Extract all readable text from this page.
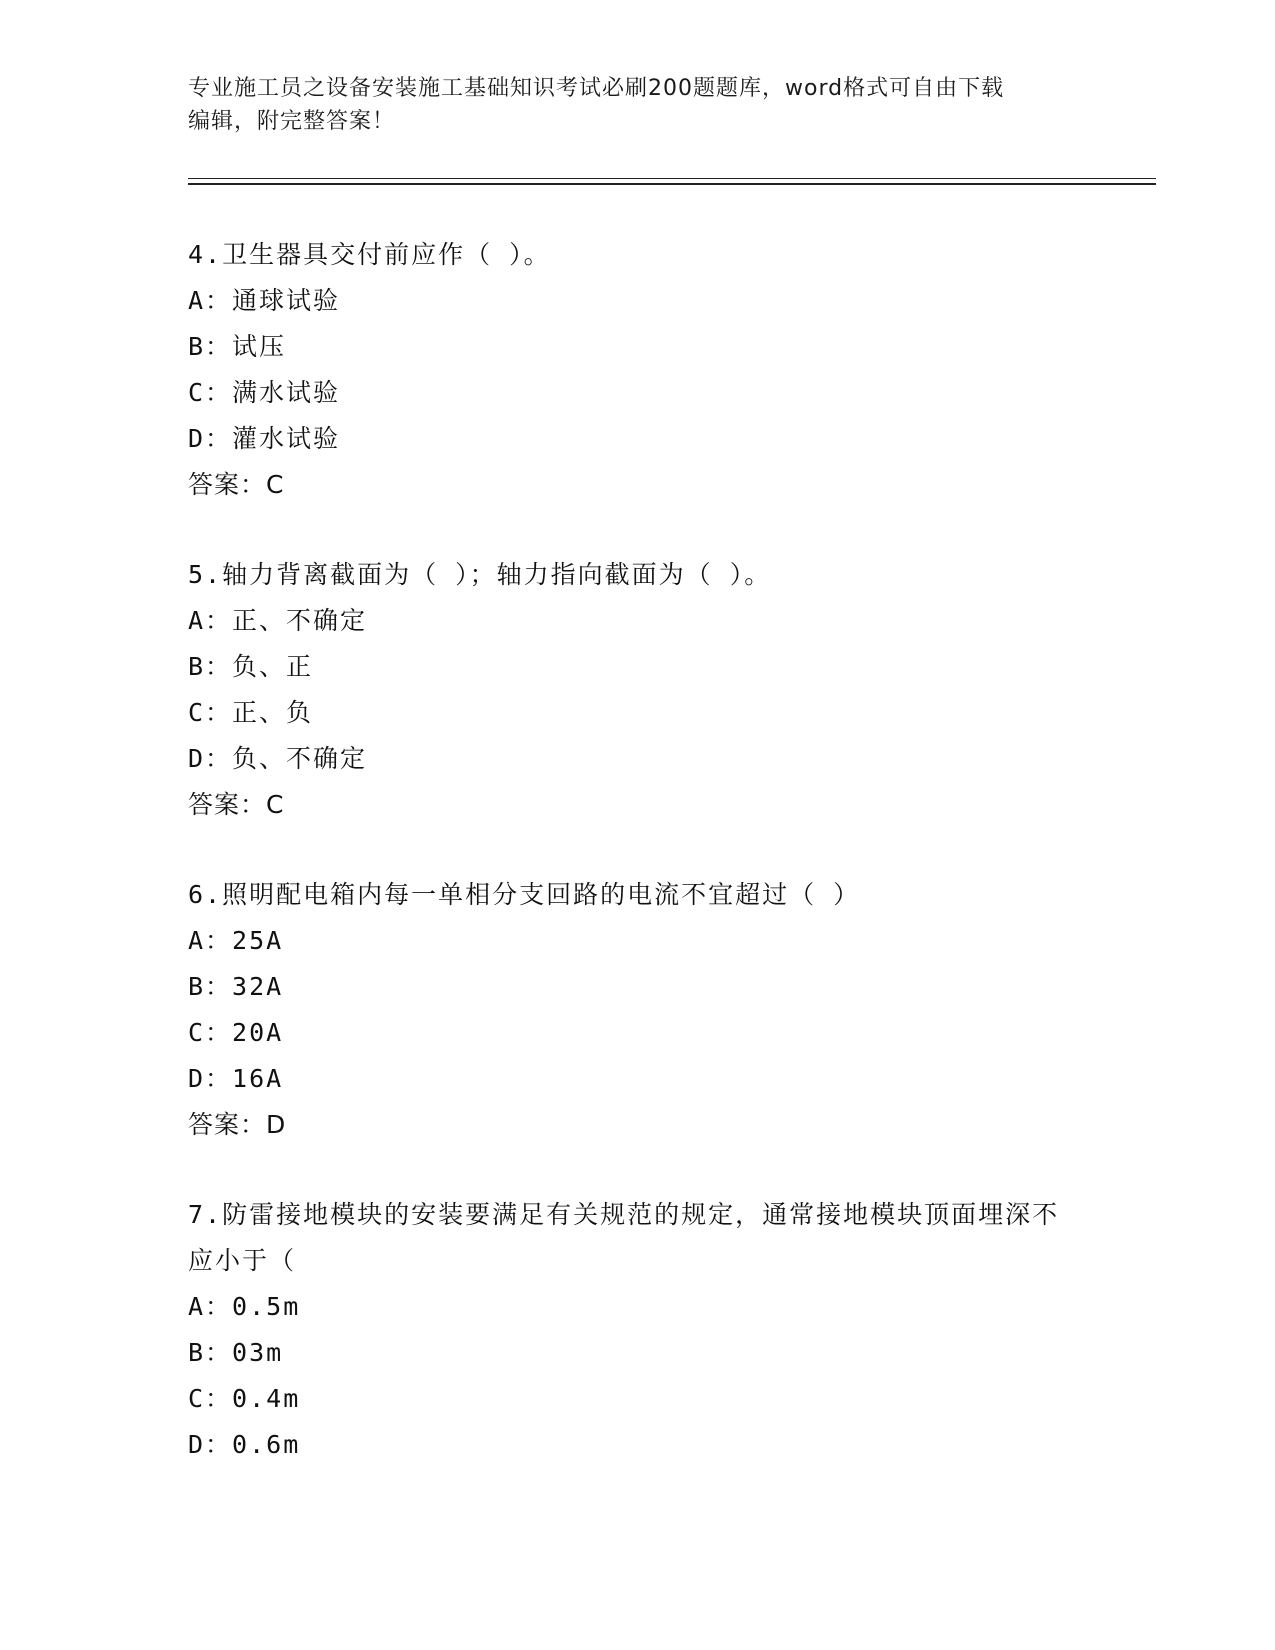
专业施工员之设备安装施工基础知识考试必刷200题题库，word格式可自由下载
编辑，附完整答案！
4.卫生器具交付前应作（ ）。
A：通球试验
B：试压
C：满水试验
D：灌水试验
答案：C
5.轴力背离截面为（ ）；轴力指向截面为（ ）。
A：正、不确定
B：负、正
C：正、负
D：负、不确定
答案：C
6.照明配电箱内每一单相分支回路的电流不宜超过（ ）
A：25A
B：32A
C：20A
D：16A
答案：D
7.防雷接地模块的安装要满足有关规范的规定，通常接地模块顶面埋深不应小于（
A：0.5m
B：03m
C：0.4m
D：0.6m
